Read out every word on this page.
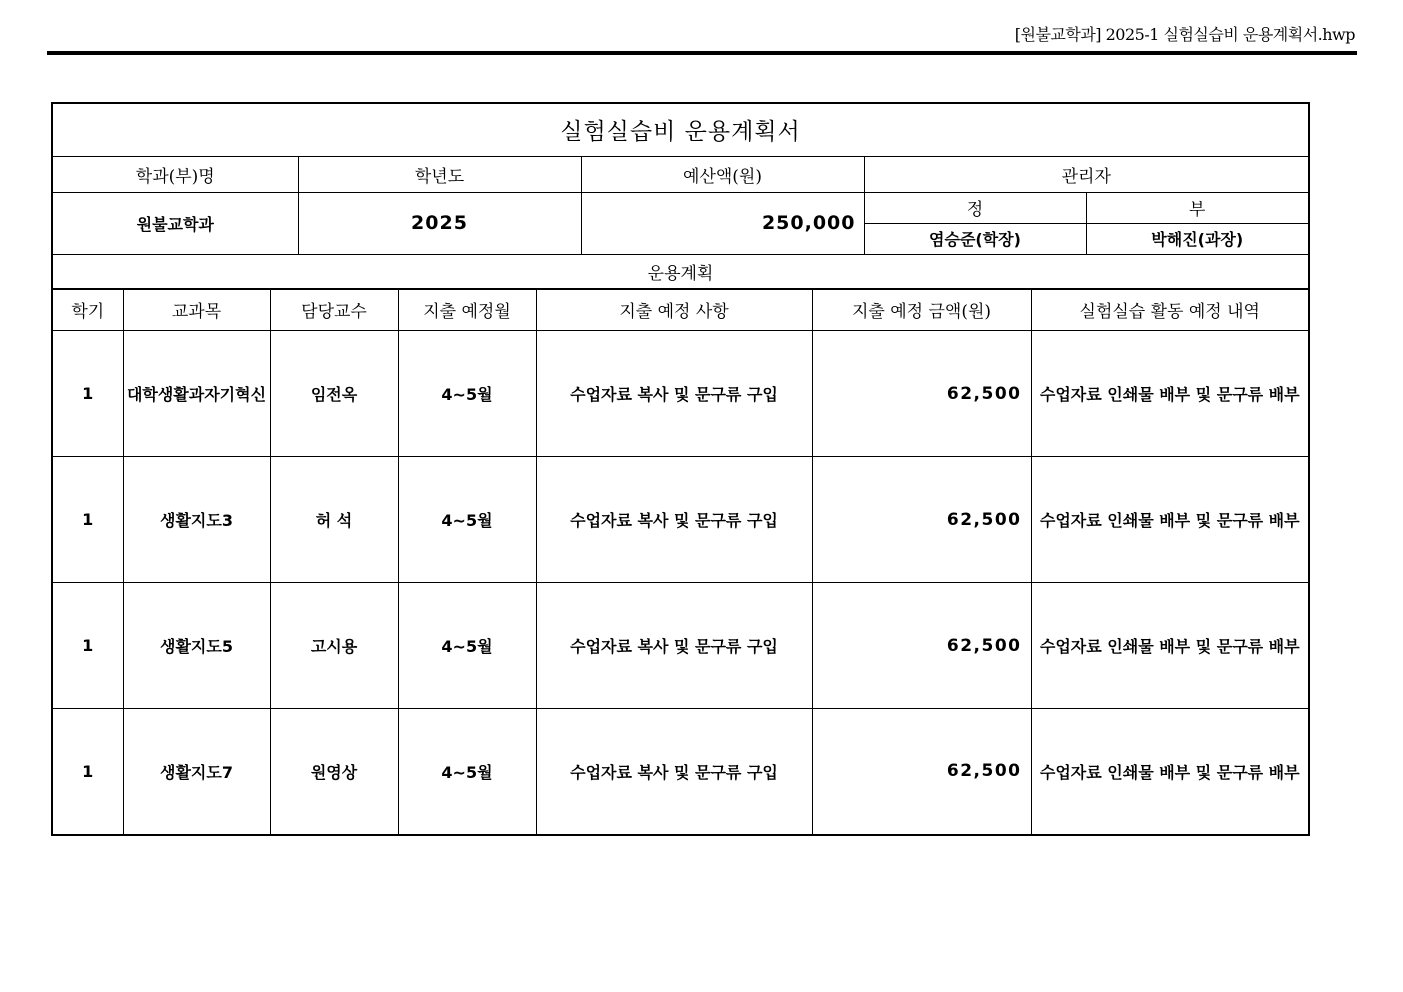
[원불교학과] 2025-1 실험실습비 운용계획서.hwp
실험실습비 운용계획서				
학과(부)명	학년도	예산액(원)	관리자	
원불교학과	2025	250,000	정	부
			염승준(학장)	박해진(과장)
운용계획				
학기	교과목	담당교수	지출 예정월	지출 예정 사항	지출 예정 금액(원)	실험실습 활동 예정 내역
1	대학생활과자기혁신	임전옥	4~5월	수업자료 복사 및 문구류 구입	62,500	수업자료 인쇄물 배부 및 문구류 배부
1	생활지도3	허 석	4~5월	수업자료 복사 및 문구류 구입	62,500	수업자료 인쇄물 배부 및 문구류 배부
1	생활지도5	고시용	4~5월	수업자료 복사 및 문구류 구입	62,500	수업자료 인쇄물 배부 및 문구류 배부
1	생활지도7	원영상	4~5월	수업자료 복사 및 문구류 구입	62,500	수업자료 인쇄물 배부 및 문구류 배부
